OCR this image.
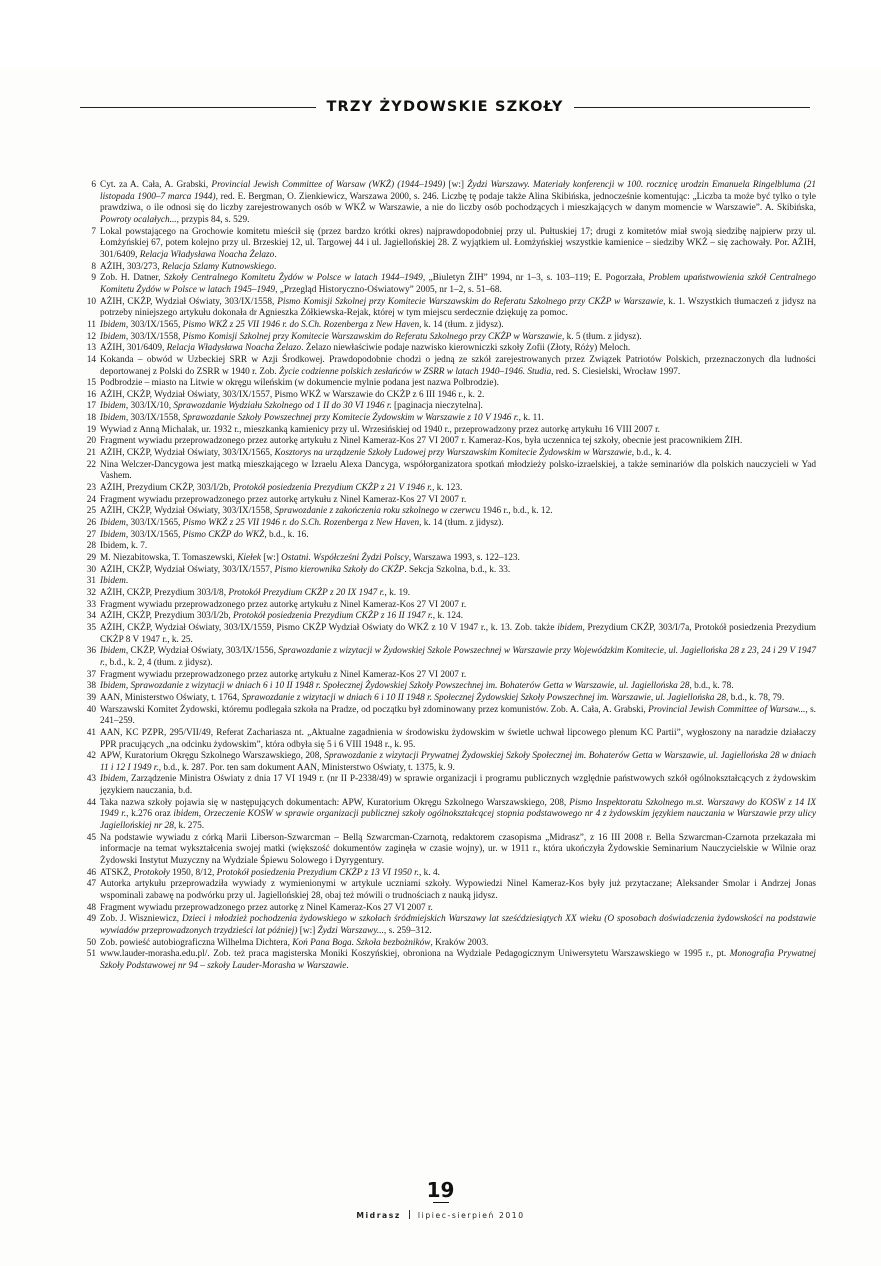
TRZY ŻYDOWSKIE SZKOŁY
6 Cyt. za A. Cała, A. Grabski, Provincial Jewish Committee of Warsaw (WKŻ) (1944–1949) [w:] Żydzi Warszawy. Materiały konferencji w 100. rocznicę urodzin Emanuela Ringelbluma (21 listopada 1900–7 marca 1944), red. E. Bergman, O. Zienkiewicz, Warszawa 2000, s. 246. Liczbę tę podaje także Alina Skibińska, jednocześnie komentując: „Liczba ta może być tylko o tyle prawdziwa, o ile odnosi się do liczby zarejestrowanych osób w WKŻ w Warszawie, a nie do liczby osób pochodzących i mieszkających w danym momencie w Warszawie”. A. Skibińska, Powroty ocalałych..., przypis 84, s. 529.
7 Lokal powstającego na Grochowie komitetu mieścił się (przez bardzo krótki okres) najprawdopodobniej przy ul. Pułtuskiej 17; drugi z komitetów miał swoją siedzibę najpierw przy ul. Łomżyńskiej 67, potem kolejno przy ul. Brzeskiej 12, ul. Targowej 44 i ul. Jagiellońskiej 28. Z wyjątkiem ul. Łomżyńskiej wszystkie kamienice – siedziby WKŻ – się zachowały. Por. AŻIH, 301/6409, Relacja Władysława Noacha Żelazo.
8 AŻIH, 303/273, Relacja Szlamy Kutnowskiego.
9 Zob. H. Datner, Szkoły Centralnego Komitetu Żydów w Polsce w latach 1944–1949, „Biuletyn ŻIH” 1994, nr 1–3, s. 103–119; E. Pogorzała, Problem upaństwowienia szkół Centralnego Komitetu Żydów w Polsce w latach 1945–1949, „Przegląd Historyczno-Oświatowy” 2005, nr 1–2, s. 51–68.
10 AŻIH, CKŻP, Wydział Oświaty, 303/IX/1558, Pismo Komisji Szkolnej przy Komitecie Warszawskim do Referatu Szkolnego przy CKŻP w Warszawie, k. 1. Wszystkich tłumaczeń z jidysz na potrzeby niniejszego artykułu dokonała dr Agnieszka Żółkiewska-Rejak, której w tym miejscu serdecznie dziękuję za pomoc.
11 Ibidem, 303/IX/1565, Pismo WKŻ z 25 VII 1946 r. do S.Ch. Rozenberga z New Haven, k. 14 (tłum. z jidysz).
12 Ibidem, 303/IX/1558, Pismo Komisji Szkolnej przy Komitecie Warszawskim do Referatu Szkolnego przy CKŻP w Warszawie, k. 5 (tłum. z jidysz).
13 AŻIH, 301/6409, Relacja Władysława Noacha Żelazo. Żelazo niewłaściwie podaje nazwisko kierowniczki szkoły Zofii (Złoty, Róży) Meloch.
14 Kokanda – obwód w Uzbeckiej SRR w Azji Środkowej. Prawdopodobnie chodzi o jedną ze szkół zarejestrowanych przez Związek Patriotów Polskich, przeznaczonych dla ludności deportowanej z Polski do ZSRR w 1940 r. Zob. Życie codzienne polskich zesłańców w ZSRR w latach 1940–1946. Studia, red. S. Ciesielski, Wrocław 1997.
15 Podbrodzie – miasto na Litwie w okręgu wileńskim (w dokumencie mylnie podana jest nazwa Polbrodzie).
16 AŻIH, CKŻP, Wydział Oświaty, 303/IX/1557, Pismo WKŻ w Warszawie do CKŻP z 6 III 1946 r., k. 2.
17 Ibidem, 303/IX/10, Sprawozdanie Wydziału Szkolnego od 1 II do 30 VI 1946 r. [paginacja nieczytelna].
18 Ibidem, 303/IX/1558, Sprawozdanie Szkoły Powszechnej przy Komitecie Żydowskim w Warszawie z 10 V 1946 r., k. 11.
19 Wywiad z Anną Michalak, ur. 1932 r., mieszkanką kamienicy przy ul. Wrzesińskiej od 1940 r., przeprowadzony przez autorkę artykułu 16 VIII 2007 r.
20 Fragment wywiadu przeprowadzonego przez autorkę artykułu z Ninel Kameraz-Kos 27 VI 2007 r. Kameraz-Kos, była uczennica tej szkoły, obecnie jest pracownikiem ŻIH.
21 AŻIH, CKŻP, Wydział Oświaty, 303/IX/1565, Kosztorys na urządzenie Szkoły Ludowej przy Warszawskim Komitecie Żydowskim w Warszawie, b.d., k. 4.
22 Nina Welczer-Dancygowa jest matką mieszkającego w Izraelu Alexa Dancyga, współorganizatora spotkań młodzieży polsko-izraelskiej, a także seminariów dla polskich nauczycieli w Yad Vashem.
23 AŻIH, Prezydium CKŻP, 303/I/2b, Protokół posiedzenia Prezydium CKŻP z 21 V 1946 r., k. 123.
24 Fragment wywiadu przeprowadzonego przez autorkę artykułu z Ninel Kameraz-Kos 27 VI 2007 r.
25 AŻIH, CKŻP, Wydział Oświaty, 303/IX/1558, Sprawozdanie z zakończenia roku szkolnego w czerwcu 1946 r., b.d., k. 12.
26 Ibidem, 303/IX/1565, Pismo WKŻ z 25 VII 1946 r. do S.Ch. Rozenberga z New Haven, k. 14 (tłum. z jidysz).
27 Ibidem, 303/IX/1565, Pismo CKŻP do WKŻ, b.d., k. 16.
28 Ibidem, k. 7.
29 M. Niezabitowska, T. Tomaszewski, Kiełek [w:] Ostatni. Współcześni Żydzi Polscy, Warszawa 1993, s. 122–123.
30 AŻIH, CKŻP, Wydział Oświaty, 303/IX/1557, Pismo kierownika Szkoły do CKŻP. Sekcja Szkolna, b.d., k. 33.
31 Ibidem.
32 AŻIH, CKŻP, Prezydium 303/I/8, Protokół Prezydium CKŻP z 20 IX 1947 r., k. 19.
33 Fragment wywiadu przeprowadzonego przez autorkę artykułu z Ninel Kameraz-Kos 27 VI 2007 r.
34 AŻIH, CKŻP, Prezydium 303/I/2b, Protokół posiedzenia Prezydium CKŻP z 16 II 1947 r., k. 124.
35 AŻIH, CKŻP, Wydział Oświaty, 303/IX/1559, Pismo CKŻP Wydział Oświaty do WKŻ z 10 V 1947 r., k. 13. Zob. także ibidem, Prezydium CKŻP, 303/I/7a, Protokół posiedzenia Prezydium CKŻP 8 V 1947 r., k. 25.
36 Ibidem, CKŻP, Wydział Oświaty, 303/IX/1556, Sprawozdanie z wizytacji w Żydowskiej Szkole Powszechnej w Warszawie przy Wojewódzkim Komitecie, ul. Jagiellońska 28 z 23, 24 i 29 V 1947 r., b.d., k. 2, 4 (tłum. z jidysz).
37 Fragment wywiadu przeprowadzonego przez autorkę artykułu z Ninel Kameraz-Kos 27 VI 2007 r.
38 Ibidem, Sprawozdanie z wizytacji w dniach 6 i 10 II 1948 r. Społecznej Żydowskiej Szkoły Powszechnej im. Bohaterów Getta w Warszawie, ul. Jagiellońska 28, b.d., k. 78.
39 AAN, Ministerstwo Oświaty, t. 1764, Sprawozdanie z wizytacji w dniach 6 i 10 II 1948 r. Społecznej Żydowskiej Szkoły Powszechnej im. Warszawie, ul. Jagiellońska 28, b.d., k. 78, 79.
40 Warszawski Komitet Żydowski, któremu podlegała szkoła na Pradze, od początku był zdominowany przez komunistów. Zob. A. Cała, A. Grabski, Provincial Jewish Committee of Warsaw..., s. 241–259.
41 AAN, KC PZPR, 295/VII/49, Referat Zachariasza nt. „Aktualne zagadnienia w środowisku żydowskim w świetle uchwał lipcowego plenum KC Partii”, wygłoszony na naradzie działaczy PPR pracujących „na odcinku żydowskim”, która odbyła się 5 i 6 VIII 1948 r., k. 95.
42 APW, Kuratorium Okręgu Szkolnego Warszawskiego, 208, Sprawozdanie z wizytacji Prywatnej Żydowskiej Szkoły Społecznej im. Bohaterów Getta w Warszawie, ul. Jagiellońska 28 w dniach 11 i 12 I 1949 r., b.d., k. 287. Por. ten sam dokument AAN, Ministerstwo Oświaty, t. 1375, k. 9.
43 Ibidem, Zarządzenie Ministra Oświaty z dnia 17 VI 1949 r. (nr II P-2338/49) w sprawie organizacji i programu publicznych względnie państwowych szkół ogólnokształcących z żydowskim językiem nauczania, b.d.
44 Taka nazwa szkoły pojawia się w następujących dokumentach: APW, Kuratorium Okręgu Szkolnego Warszawskiego, 208, Pismo Inspektoratu Szkolnego m.st. Warszawy do KOSW z 14 IX 1949 r., k.276 oraz ibidem, Orzeczenie KOSW w sprawie organizacji publicznej szkoły ogólnokształcącej stopnia podstawowego nr 4 z żydowskim językiem nauczania w Warszawie przy ulicy Jagiellońskiej nr 28, k. 275.
45 Na podstawie wywiadu z córką Marii Liberson-Szwarcman – Bellą Szwarcman-Czarnotą, redaktorem czasopisma „Midrasz”, z 16 III 2008 r. Bella Szwarcman-Czarnota przekazała mi informacje na temat wykształcenia swojej matki (większość dokumentów zaginęła w czasie wojny), ur. w 1911 r., która ukończyła Żydowskie Seminarium Nauczycielskie w Wilnie oraz Żydowski Instytut Muzyczny na Wydziale Śpiewu Solowego i Dyrygentury.
46 ATSKŻ, Protokoły 1950, 8/12, Protokół posiedzenia Prezydium CKŻP z 13 VI 1950 r., k. 4.
47 Autorka artykułu przeprowadziła wywiady z wymienionymi w artykule uczniami szkoły. Wypowiedzi Ninel Kameraz-Kos były już przytaczane; Aleksander Smolar i Andrzej Jonas wspominali zabawę na podwórku przy ul. Jagiellońskiej 28, obaj też mówili o trudnościach z nauką jidysz.
48 Fragment wywiadu przeprowadzonego przez autorkę z Ninel Kameraz-Kos 27 VI 2007 r.
49 Zob. J. Wiszniewicz, Dzieci i młodzież pochodzenia żydowskiego w szkołach śródmiejskich Warszawy lat sześćdziesiątych XX wieku (O sposobach doświadczenia żydowskości na podstawie wywiadów przeprowadzonych trzydzieści lat później) [w:] Żydzi Warszawy..., s. 259–312.
50 Zob. powieść autobiograficzna Wilhelma Dichtera, Koń Pana Boga. Szkoła bezbożników, Kraków 2003.
51 www.lauder-morasha.edu.pl/. Zob. też praca magisterska Moniki Koszyńskiej, obroniona na Wydziale Pedagogicznym Uniwersytetu Warszawskiego w 1995 r., pt. Monografia Prywatnej Szkoły Podstawowej nr 94 – szkoły Lauder-Morasha w Warszawie.
19
Midrasz lipiec-sierpień 2010
